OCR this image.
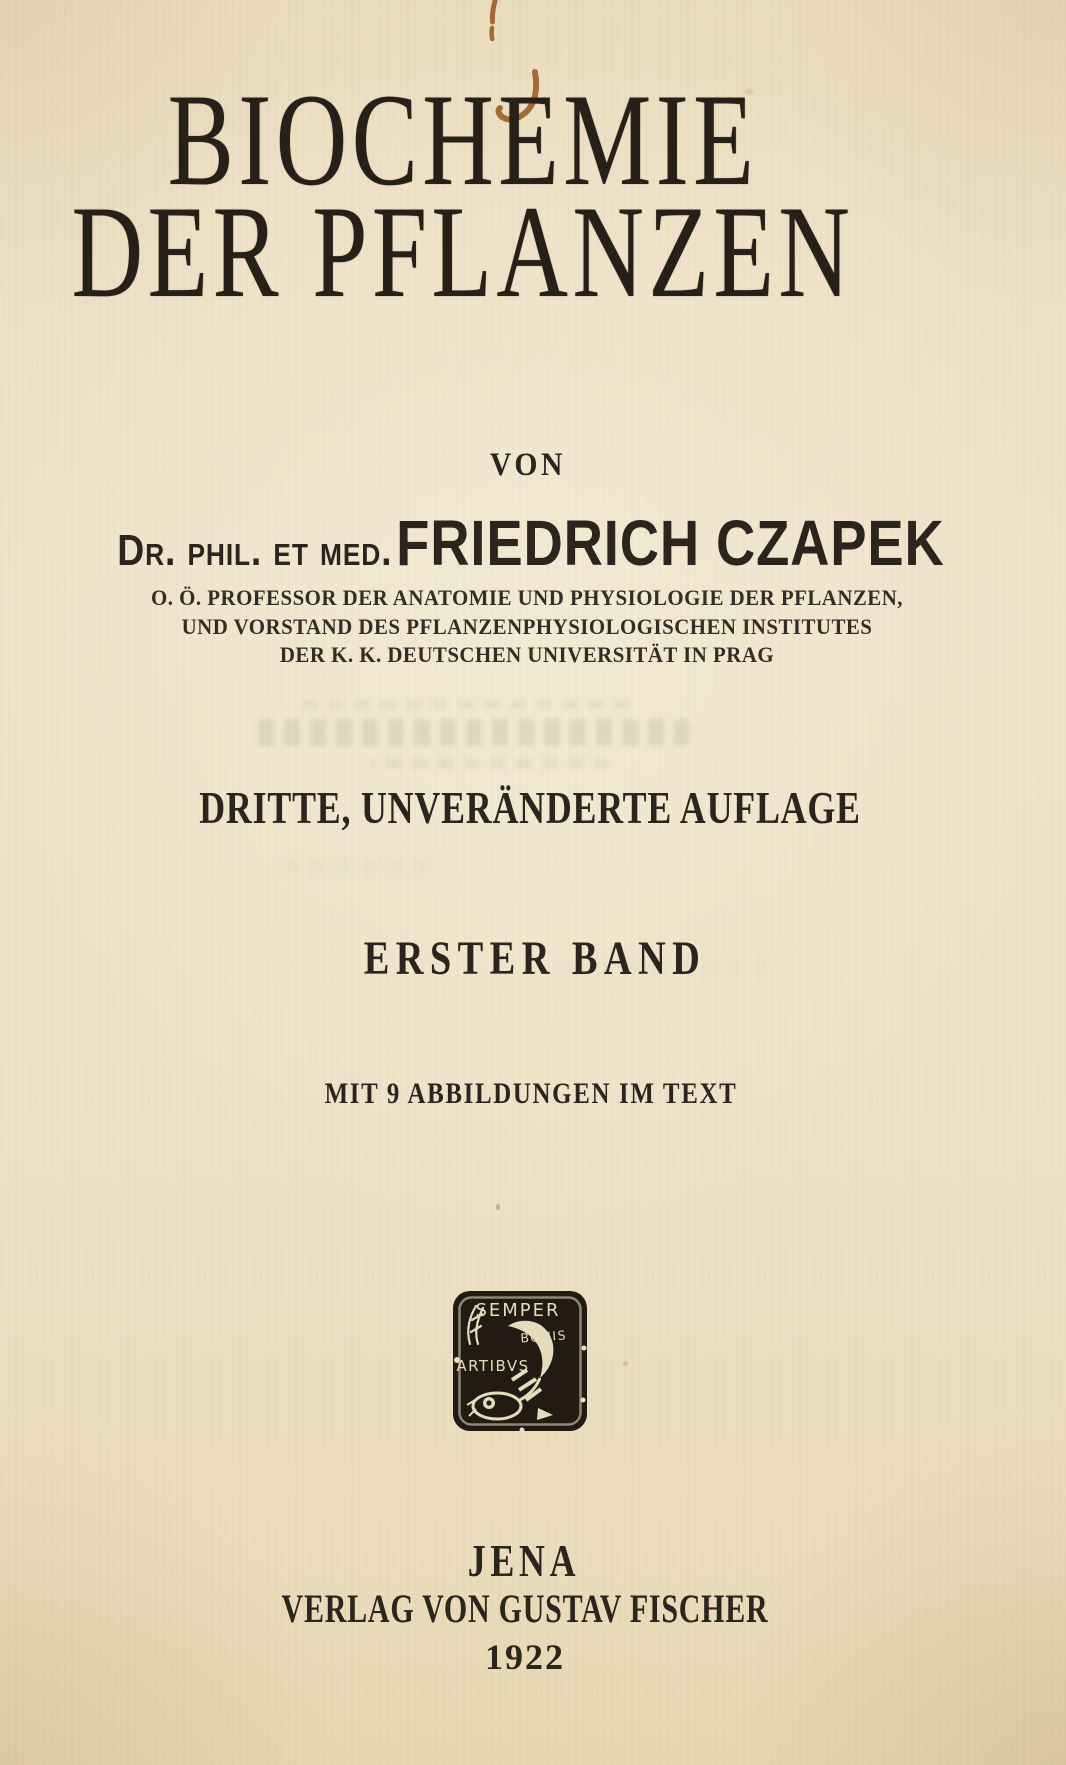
BIOCHEMIE
DER PFLANZEN
VON
Dr. phil. et med. FRIEDRICH CZAPEK
O. Ö. PROFESSOR DER ANATOMIE UND PHYSIOLOGIE DER PFLANZEN,
UND VORSTAND DES PFLANZENPHYSIOLOGISCHEN INSTITUTES
DER K. K. DEUTSCHEN UNIVERSITÄT IN PRAG
DRITTE, UNVERÄNDERTE AUFLAGE
ERSTER BAND
MIT 9 ABBILDUNGEN IM TEXT
SEMPER
BONIS
ARTIBVS
JENA
VERLAG VON GUSTAV FISCHER
1922
